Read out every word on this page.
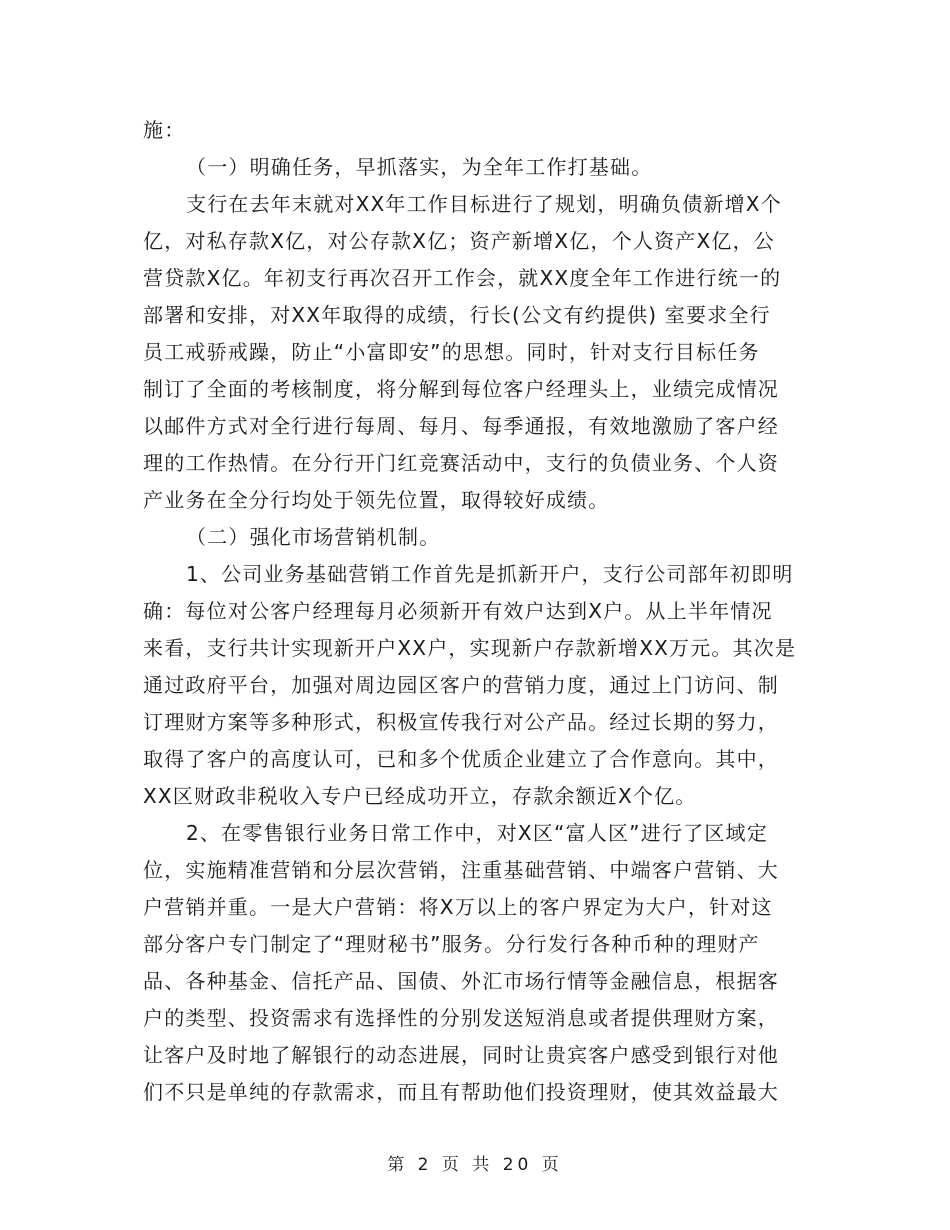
施：
（一）明确任务，早抓落实，为全年工作打基础。
支行在去年末就对XX年工作目标进行了规划，明确负债新增X个
亿，对私存款X亿，对公存款X亿；资产新增X亿，个人资产X亿，公
营贷款X亿。年初支行再次召开工作会，就XX度全年工作进行统一的
部署和安排，对XX年取得的成绩，行长(公文有约提供) 室要求全行
员工戒骄戒躁，防止“小富即安”的思想。同时，针对支行目标任务
制订了全面的考核制度，将分解到每位客户经理头上，业绩完成情况
以邮件方式对全行进行每周、每月、每季通报，有效地激励了客户经
理的工作热情。在分行开门红竞赛活动中，支行的负债业务、个人资
产业务在全分行均处于领先位置，取得较好成绩。
（二）强化市场营销机制。
1、公司业务基础营销工作首先是抓新开户，支行公司部年初即明
确：每位对公客户经理每月必须新开有效户达到X户。从上半年情况
来看，支行共计实现新开户XX户，实现新户存款新增XX万元。其次是
通过政府平台，加强对周边园区客户的营销力度，通过上门访问、制
订理财方案等多种形式，积极宣传我行对公产品。经过长期的努力，
取得了客户的高度认可，已和多个优质企业建立了合作意向。其中，
XX区财政非税收入专户已经成功开立，存款余额近X个亿。
2、在零售银行业务日常工作中，对X区“富人区”进行了区域定
位，实施精准营销和分层次营销，注重基础营销、中端客户营销、大
户营销并重。一是大户营销：将X万以上的客户界定为大户，针对这
部分客户专门制定了“理财秘书”服务。分行发行各种币种的理财产
品、各种基金、信托产品、国债、外汇市场行情等金融信息，根据客
户的类型、投资需求有选择性的分别发送短消息或者提供理财方案，
让客户及时地了解银行的动态进展，同时让贵宾客户感受到银行对他
们不只是单纯的存款需求，而且有帮助他们投资理财，使其效益最大
第 2 页 共 20 页
